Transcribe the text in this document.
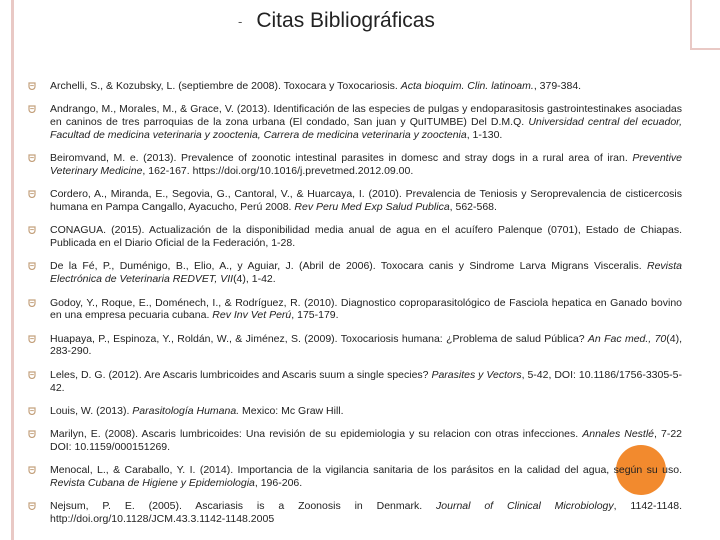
- Citas Bibliográficas
Archelli, S., & Kozubsky, L. (septiembre de 2008). Toxocara y Toxocariosis. Acta bioquim. Clin. latinoam., 379-384.
Andrango, M., Morales, M., & Grace, V. (2013). Identificación de las especies de pulgas y endoparasitosis gastrointestinakes asociadas en caninos de tres parroquias de la zona urbana (El condado, San juan y QuITUMBE) Del D.M.Q. Universidad central del ecuador, Facultad de medicina veterinaria y zooctenia, Carrera de medicina veterinaria y zooctenia, 1-130.
Beiromvand, M. e. (2013). Prevalence of zoonotic intestinal parasites in domesc and stray dogs in a rural area of iran. Preventive Veterinary Medicine, 162-167. https://doi.org/10.1016/j.prevetmed.2012.09.00.
Cordero, A., Miranda, E., Segovia, G., Cantoral, V., & Huarcaya, I. (2010). Prevalencia de Teniosis y Seroprevalencia de cisticercosis humana en Pampa Cangallo, Ayacucho, Perú 2008. Rev Peru Med Exp Salud Publica, 562-568.
CONAGUA. (2015). Actualización de la disponibilidad media anual de agua en el acuífero Palenque (0701), Estado de Chiapas. Publicada en el Diario Oficial de la Federación, 1-28.
De la Fé, P., Duménigo, B., Elio, A., y Aguiar, J. (Abril de 2006). Toxocara canis y Sindrome Larva Migrans Visceralis. Revista Electrónica de Veterinaria REDVET, VII(4), 1-42.
Godoy, Y., Roque, E., Doménech, I., & Rodríguez, R. (2010). Diagnostico coproparasitológico de Fasciola hepatica en Ganado bovino en una empresa pecuaria cubana. Rev Inv Vet Perú, 175-179.
Huapaya, P., Espinoza, Y., Roldán, W., & Jiménez, S. (2009). Toxocariosis humana: ¿Problema de salud Pública? An Fac med., 70(4), 283-290.
Leles, D. G. (2012). Are Ascaris lumbricoides and Ascaris suum a single species? Parasites y Vectors, 5-42, DOI: 10.1186/1756-3305-5-42.
Louis, W. (2013). Parasitología Humana. Mexico: Mc Graw Hill.
Marilyn, E. (2008). Ascaris lumbricoides: Una revisión de su epidemiologia y su relacion con otras infecciones. Annales Nestlé, 7-22 DOI: 10.1159/000151269.
Menocal, L., & Caraballo, Y. I. (2014). Importancia de la vigilancia sanitaria de los parásitos en la calidad del agua, según su uso. Revista Cubana de Higiene y Epidemiologia, 196-206.
Nejsum, P. E. (2005). Ascariasis is a Zoonosis in Denmark. Journal of Clinical Microbiology, 1142-1148. http://doi.org/10.1128/JCM.43.3.1142-1148.2005
